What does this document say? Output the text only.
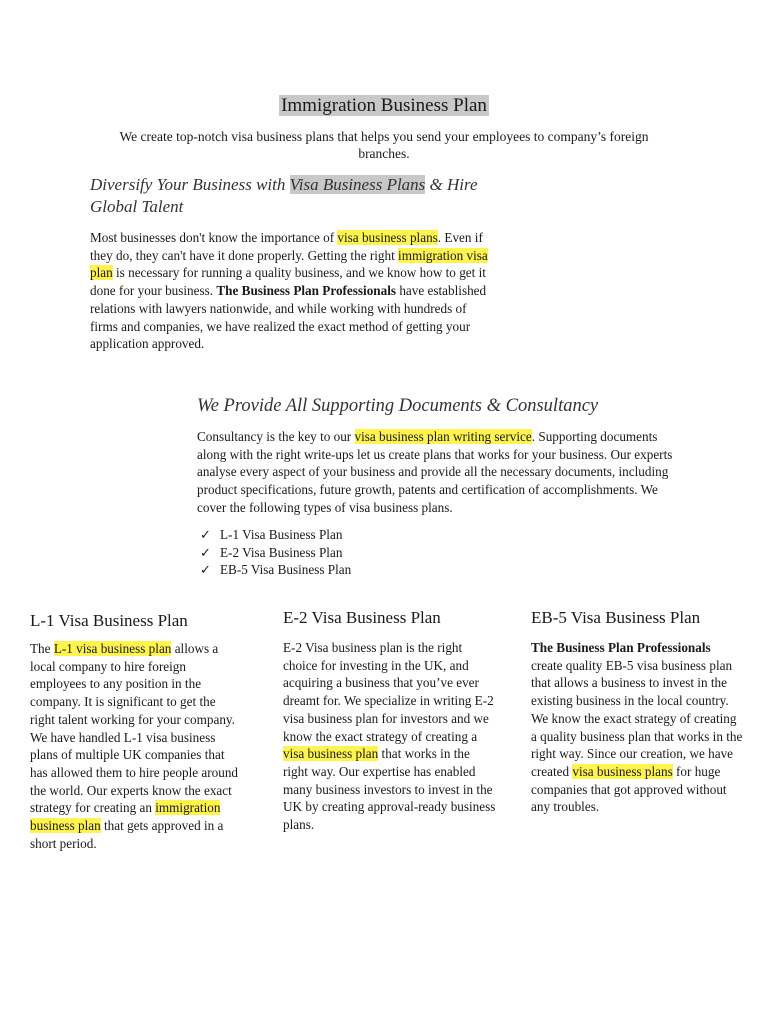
Immigration Business Plan
We create top-notch visa business plans that helps you send your employees to company’s foreign branches.
Diversify Your Business with Visa Business Plans & Hire Global Talent
Most businesses don't know the importance of visa business plans. Even if they do, they can't have it done properly. Getting the right immigration visa plan is necessary for running a quality business, and we know how to get it done for your business. The Business Plan Professionals have established relations with lawyers nationwide, and while working with hundreds of firms and companies, we have realized the exact method of getting your application approved.
We Provide All Supporting Documents & Consultancy
Consultancy is the key to our visa business plan writing service. Supporting documents along with the right write-ups let us create plans that works for your business. Our experts analyse every aspect of your business and provide all the necessary documents, including product specifications, future growth, patents and certification of accomplishments. We cover the following types of visa business plans.
✓ L-1 Visa Business Plan
✓ E-2 Visa Business Plan
✓ EB-5 Visa Business Plan
L-1 Visa Business Plan	E-2 Visa Business Plan	EB-5 Visa Business Plan
The L-1 visa business plan allows a local company to hire foreign employees to any position in the company. It is significant to get the right talent working for your company. We have handled L-1 visa business plans of multiple UK companies that has allowed them to hire people around the world. Our experts know the exact strategy for creating an immigration business plan that gets approved in a short period.
E-2 Visa business plan is the right choice for investing in the UK, and acquiring a business that you’ve ever dreamt for. We specialize in writing E-2 visa business plan for investors and we know the exact strategy of creating a visa business plan that works in the right way. Our expertise has enabled many business investors to invest in the UK by creating approval-ready business plans.
The Business Plan Professionals create quality EB-5 visa business plan that allows a business to invest in the existing business in the local country. We know the exact strategy of creating a quality business plan that works in the right way. Since our creation, we have created visa business plans for huge companies that got approved without any troubles.
